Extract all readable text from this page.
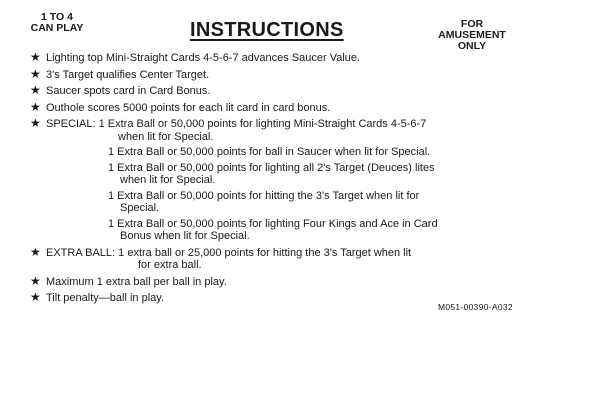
1 TO 4
CAN PLAY	INSTRUCTIONS	FOR
AMUSEMENT
ONLY
★ Lighting top Mini-Straight Cards 4-5-6-7 advances Saucer Value.
★ 3's Target qualifies Center Target.
★ Saucer spots card in Card Bonus.
★ Outhole scores 5000 points for each lit card in card bonus.
★ SPECIAL: 1 Extra Ball or 50,000 points for lighting Mini-Straight Cards 4-5-6-7
when lit for Special.
1 Extra Ball or 50,000 points for ball in Saucer when lit for Special.
1 Extra Ball or 50,000 points for lighting all 2's Target (Deuces) lites
when lit for Special.
1 Extra Ball or 50,000 points for hitting the 3's Target when lit for
Special.
1 Extra Ball or 50,000 points for lighting Four Kings and Ace in Card
Bonus when lit for Special.
★ EXTRA BALL: 1 extra ball or 25,000 points for hitting the 3's Target when lit
for extra ball.
★ Maximum 1 extra ball per ball in play.
★ Tilt penalty—ball in play.
M051-00390-A032
